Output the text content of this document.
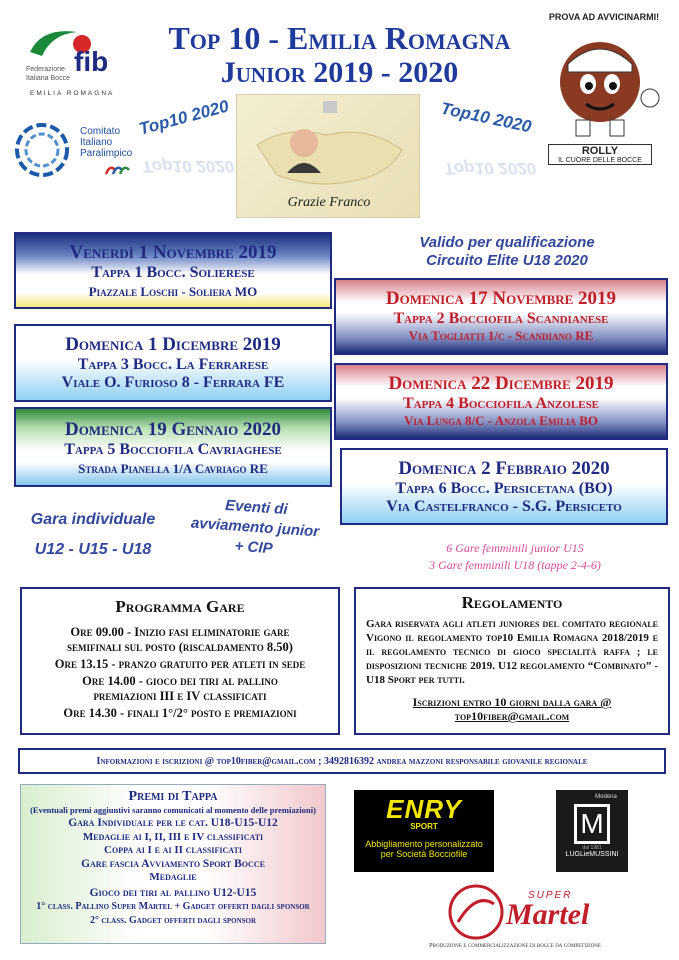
fib
Federazione
Italiana Bocce
EMILIA ROMAGNA
Top 10 - Emilia Romagna
Junior 2019 - 2020
Comitato
Italiano
Paralimpico
Top10 2020
Top10 2020
Top10 2020
Top10 2020
Grazie Franco
PROVA AD AVVICINARMI!
ROLLY
IL CUORE DELLE BOCCE
Valido per qualificazione
Circuito Elite U18 2020
Venerdì 1 Novembre 2019
Tappa 1 Bocc. Solierese
Piazzale Loschi - Soliera MO	Domenica 17 Novembre 2019
Tappa 2 Bocciofila Scandianese
Via Togliatti 1/c - Scandiano RE
Domenica 1 Dicembre 2019
Tappa 3 Bocc. La Ferrarese
Viale O. Furioso 8 - Ferrara FE	Domenica 22 Dicembre 2019
Tappa 4 Bocciofila Anzolese
Via Lunga 8/C - Anzola Emilia BO
Domenica 19 Gennaio 2020
Tappa 5 Bocciofila Cavriaghese
Strada Pianella 1/A Cavriago RE	Domenica 2 Febbraio 2020
Tappa 6 Bocc. Persicetana (BO)
Via Castelfranco - S.G. Persiceto
Gara individuale
U12 - U15 - U18
Eventi di
avviamento junior
+ CIP	6 Gare femminili junior U15
3 Gare femminili U18 (tappe 2-4-6)
Programma Gare
Ore 09.00 - Inizio fasi eliminatorie gare
semifinali sul posto (riscaldamento 8.50)
Ore 13.15 - pranzo gratuito per atleti in sede
Ore 14.00 - gioco dei tiri al pallino
premiazioni III e IV classificati
Ore 14.30 - finali 1°/2° posto e premiazioni
Regolamento
Gara riservata agli atleti juniores del comitato regionale Vigono il regolamento top10 Emilia Romagna 2018/2019 e il regolamento tecnico di gioco specialità raffa ; le disposizioni tecniche 2019. U12 regolamento “Combinato” - U18 Sport per tutti.
Iscrizioni entro 10 giorni dalla gara @
top10fiber@gmail.com
Informazioni e iscrizioni @ top10fiber@gmail.com ; 3492816392 andrea mazzoni responsabile giovanile regionale
Premi di Tappa
(Eventuali premi aggiuntivi saranno comunicati al momento delle premiazioni)
Gara Individuale per le cat. U18-U15-U12
Medaglie ai I, II, III e IV classificati
Coppa ai I e ai II classificati
Gare fascia Avviamento Sport Bocce
Medaglie
Gioco dei tiri al pallino U12-U15
1° class. Pallino Super Martel + Gadget offerti dagli sponsor
2° class. Gadget offerti dagli sponsor
ENRY
SPORT
Abbigliamento personalizzato
per Società Bocciofile
Modena
M
dal 1981
LUGLieMUSSINI
SUPER
Martel
Produzione e commercializzazione di bocce da competizione
